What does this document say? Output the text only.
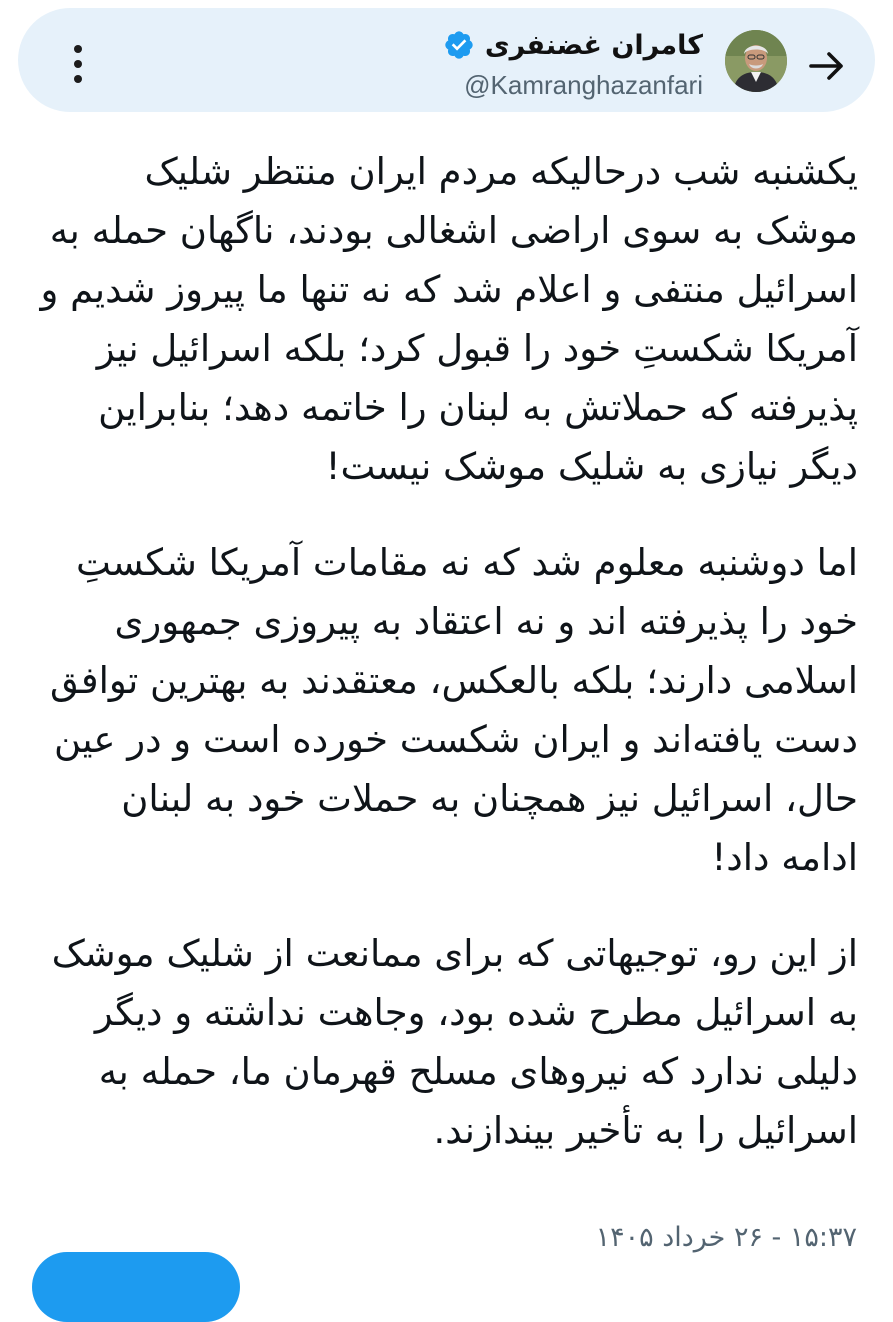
کامران غضنفری
@Kamranghazanfari

یکشنبه شب درحالیکه مردم ایران منتظر شلیک موشک به سوی اراضی اشغالی بودند، ناگهان حمله به اسرائیل منتفی و اعلام شد که نه تنها ما پیروز شدیم و آمریکا شکستِ خود را قبول کرد؛ بلکه اسرائیل نیز پذیرفته که حملاتش به لبنان را خاتمه دهد؛ بنابراین دیگر نیازی به شلیک موشک نیست!

اما دوشنبه معلوم شد که نه مقامات آمریکا شکستِ خود را پذیرفته اند و نه اعتقاد به پیروزی جمهوری اسلامی دارند؛ بلکه بالعکس، معتقدند به بهترین توافق دست یافته‌اند و ایران شکست خورده است و در عین حال، اسرائیل نیز همچنان به حملات خود به لبنان ادامه داد!

از این رو، توجیهاتی که برای ممانعت از شلیک موشک به اسرائیل مطرح شده بود، وجاهت نداشته و دیگر دلیلی ندارد که نیروهای مسلح قهرمان ما، حمله به اسرائیل را به تأخیر بیندازند.

۱۵:۳۷ - ۲۶ خرداد ۱۴۰۵
